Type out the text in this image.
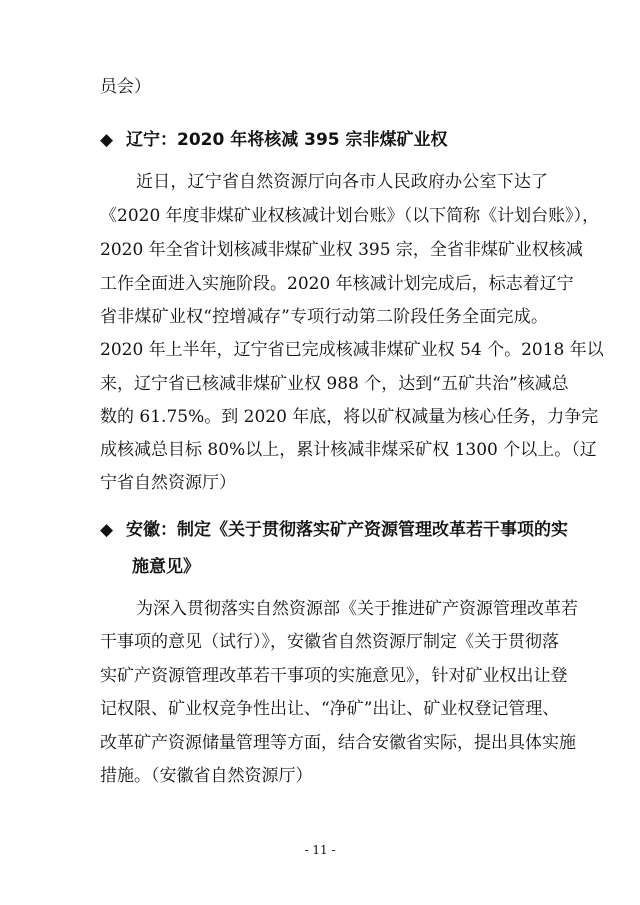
员会）
◆ 辽宁：2020 年将核减 395 宗非煤矿业权
近日，辽宁省自然资源厅向各市人民政府办公室下达了
《2020 年度非煤矿业权核减计划台账》（以下简称《计划台账》），
2020 年全省计划核减非煤矿业权 395 宗，全省非煤矿业权核减
工作全面进入实施阶段。2020 年核减计划完成后，标志着辽宁
省非煤矿业权“控增减存”专项行动第二阶段任务全面完成。
2020 年上半年，辽宁省已完成核减非煤矿业权 54 个。2018 年以
来，辽宁省已核减非煤矿业权 988 个，达到“五矿共治”核减总
数的 61.75%。到 2020 年底，将以矿权减量为核心任务，力争完
成核减总目标 80%以上，累计核减非煤采矿权 1300 个以上。（辽
宁省自然资源厅）
◆ 安徽：制定《关于贯彻落实矿产资源管理改革若干事项的实
施意见》
为深入贯彻落实自然资源部《关于推进矿产资源管理改革若
干事项的意见（试行）》，安徽省自然资源厅制定《关于贯彻落
实矿产资源管理改革若干事项的实施意见》，针对矿业权出让登
记权限、矿业权竞争性出让、“净矿”出让、矿业权登记管理、
改革矿产资源储量管理等方面，结合安徽省实际，提出具体实施
措施。（安徽省自然资源厅）
- 11 -
